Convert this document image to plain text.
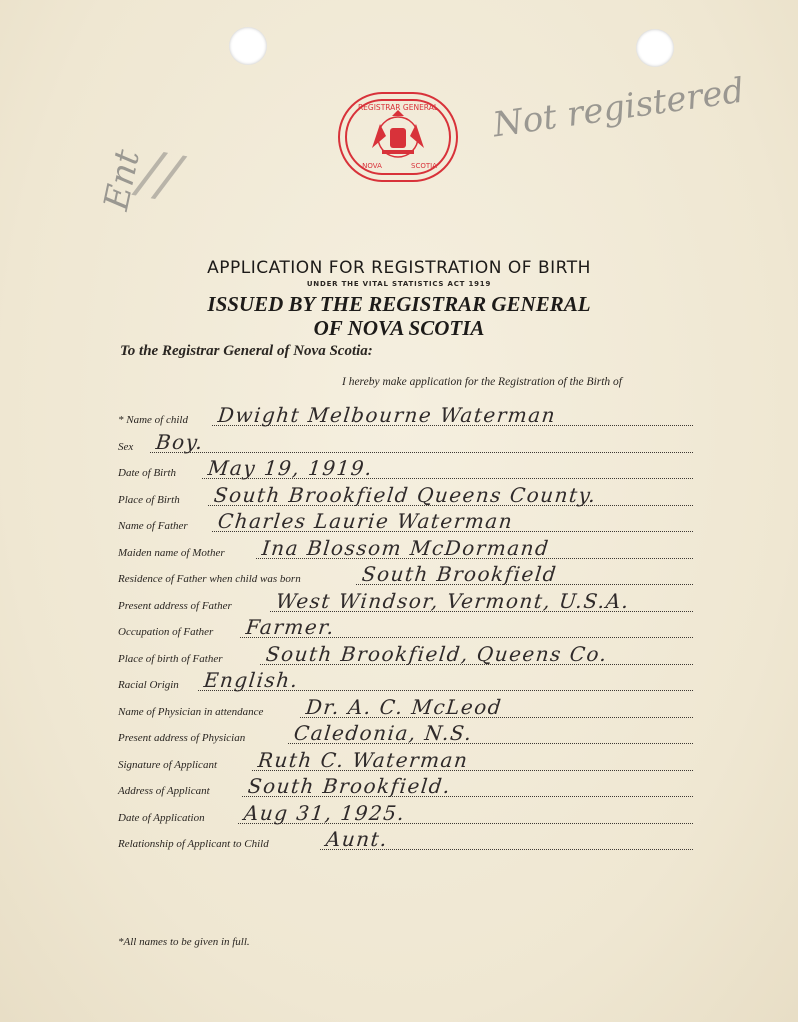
Not registered
Ent
//
REGISTRAR GENERAL
NOVA	SCOTIA
APPLICATION FOR REGISTRATION OF BIRTH
UNDER THE VITAL STATISTICS ACT 1919
ISSUED BY THE REGISTRAR GENERAL
OF NOVA SCOTIA
To the Registrar General of Nova Scotia:
I hereby make application for the Registration of the Birth of
* Name of child Dwight Melbourne Waterman
Sex Boy.
Date of Birth May 19, 1919.
Place of Birth South Brookfield Queens County.
Name of Father Charles Laurie Waterman
Maiden name of Mother Ina Blossom McDormand
Residence of Father when child was born	South Brookfield
Present address of Father West Windsor, Vermont, U.S.A.
Occupation of Father Farmer.
Place of birth of Father South Brookfield, Queens Co.
Racial Origin English.
Name of Physician in attendance Dr. A. C. McLeod
Present address of Physician Caledonia, N.S.
Signature of Applicant Ruth C. Waterman
Address of Applicant South Brookfield.
Date of Application Aug 31, 1925.
Relationship of Applicant to Child	Aunt.
*All names to be given in full.
